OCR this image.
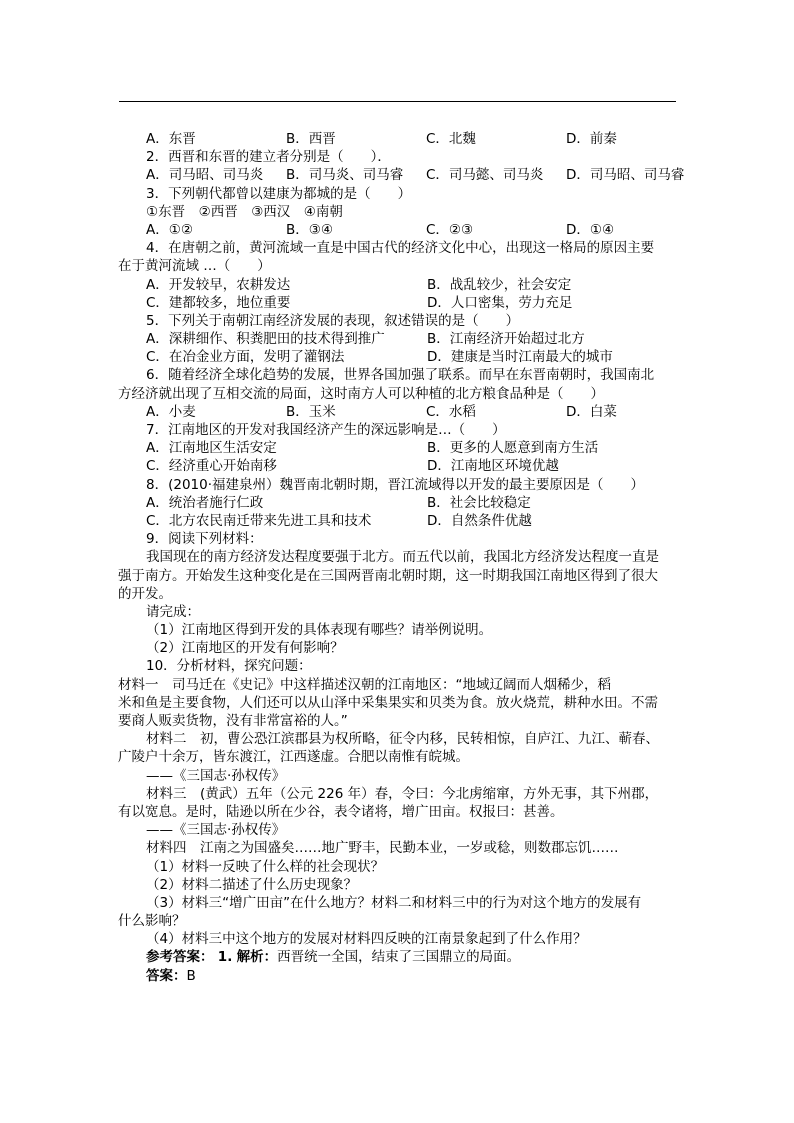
A．东晋	B．西晋	C．北魏	D．前秦
2．西晋和东晋的建立者分别是（　　）．
A．司马昭、司马炎	B．司马炎、司马睿	C．司马懿、司马炎	D．司马昭、司马睿
3．下列朝代都曾以建康为都城的是（　　）
①东晋　②西晋　③西汉　④南朝
A．①②	B．③④	C．②③	D．①④
4．在唐朝之前，黄河流域一直是中国古代的经济文化中心，出现这一格局的原因主要
在于黄河流域 …（　　）
A．开发较早，农耕发达	B．战乱较少，社会安定
C．建都较多，地位重要	D．人口密集，劳力充足
5．下列关于南朝江南经济发展的表现，叙述错误的是（　　）
A．深耕细作、积粪肥田的技术得到推广	B．江南经济开始超过北方
C．在冶金业方面，发明了灌钢法	D．建康是当时江南最大的城市
6．随着经济全球化趋势的发展，世界各国加强了联系。而早在东晋南朝时，我国南北
方经济就出现了互相交流的局面，这时南方人可以种植的北方粮食品种是（　　）
A．小麦	B．玉米	C．水稻	D．白菜
7．江南地区的开发对我国经济产生的深远影响是…（　　）
A．江南地区生活安定	B．更多的人愿意到南方生活
C．经济重心开始南移	D．江南地区环境优越
8．(2010·福建泉州）魏晋南北朝时期，晋江流域得以开发的最主要原因是（　　）
A．统治者施行仁政	B．社会比较稳定
C．北方农民南迁带来先进工具和技术	D．自然条件优越
9．阅读下列材料：
我国现在的南方经济发达程度要强于北方。而五代以前，我国北方经济发达程度一直是
强于南方。开始发生这种变化是在三国两晋南北朝时期，这一时期我国江南地区得到了很大
的开发。
请完成：
（1）江南地区得到开发的具体表现有哪些？请举例说明。
（2）江南地区的开发有何影响？
10．分析材料，探究问题：
材料一　司马迁在《史记》中这样描述汉朝的江南地区：“地域辽阔而人烟稀少，稻
米和鱼是主要食物，人们还可以从山泽中采集果实和贝类为食。放火烧荒，耕种水田。不需
要商人贩卖货物，没有非常富裕的人。”
材料二　初，曹公恐江滨郡县为权所略，征令内移，民转相惊，自庐江、九江、蕲春、
广陵户十余万，皆东渡江，江西遂虚。合肥以南惟有皖城。
——《三国志·孙权传》
材料三　(黄武）五年（公元 226 年）春，令曰：今北虏缩窜，方外无事，其下州郡，
有以宽息。是时，陆逊以所在少谷，表令诸将，增广田亩。权报曰：甚善。
——《三国志·孙权传》
材料四　江南之为国盛矣……地广野丰，民勤本业，一岁或稔，则数郡忘饥……
（1）材料一反映了什么样的社会现状？
（2）材料二描述了什么历史现象？
（3）材料三“增广田亩”在什么地方？材料二和材料三中的行为对这个地方的发展有
什么影响？
（4）材料三中这个地方的发展对材料四反映的江南景象起到了什么作用？
参考答案： 1. 解析：西晋统一全国，结束了三国鼎立的局面。
答案：B
